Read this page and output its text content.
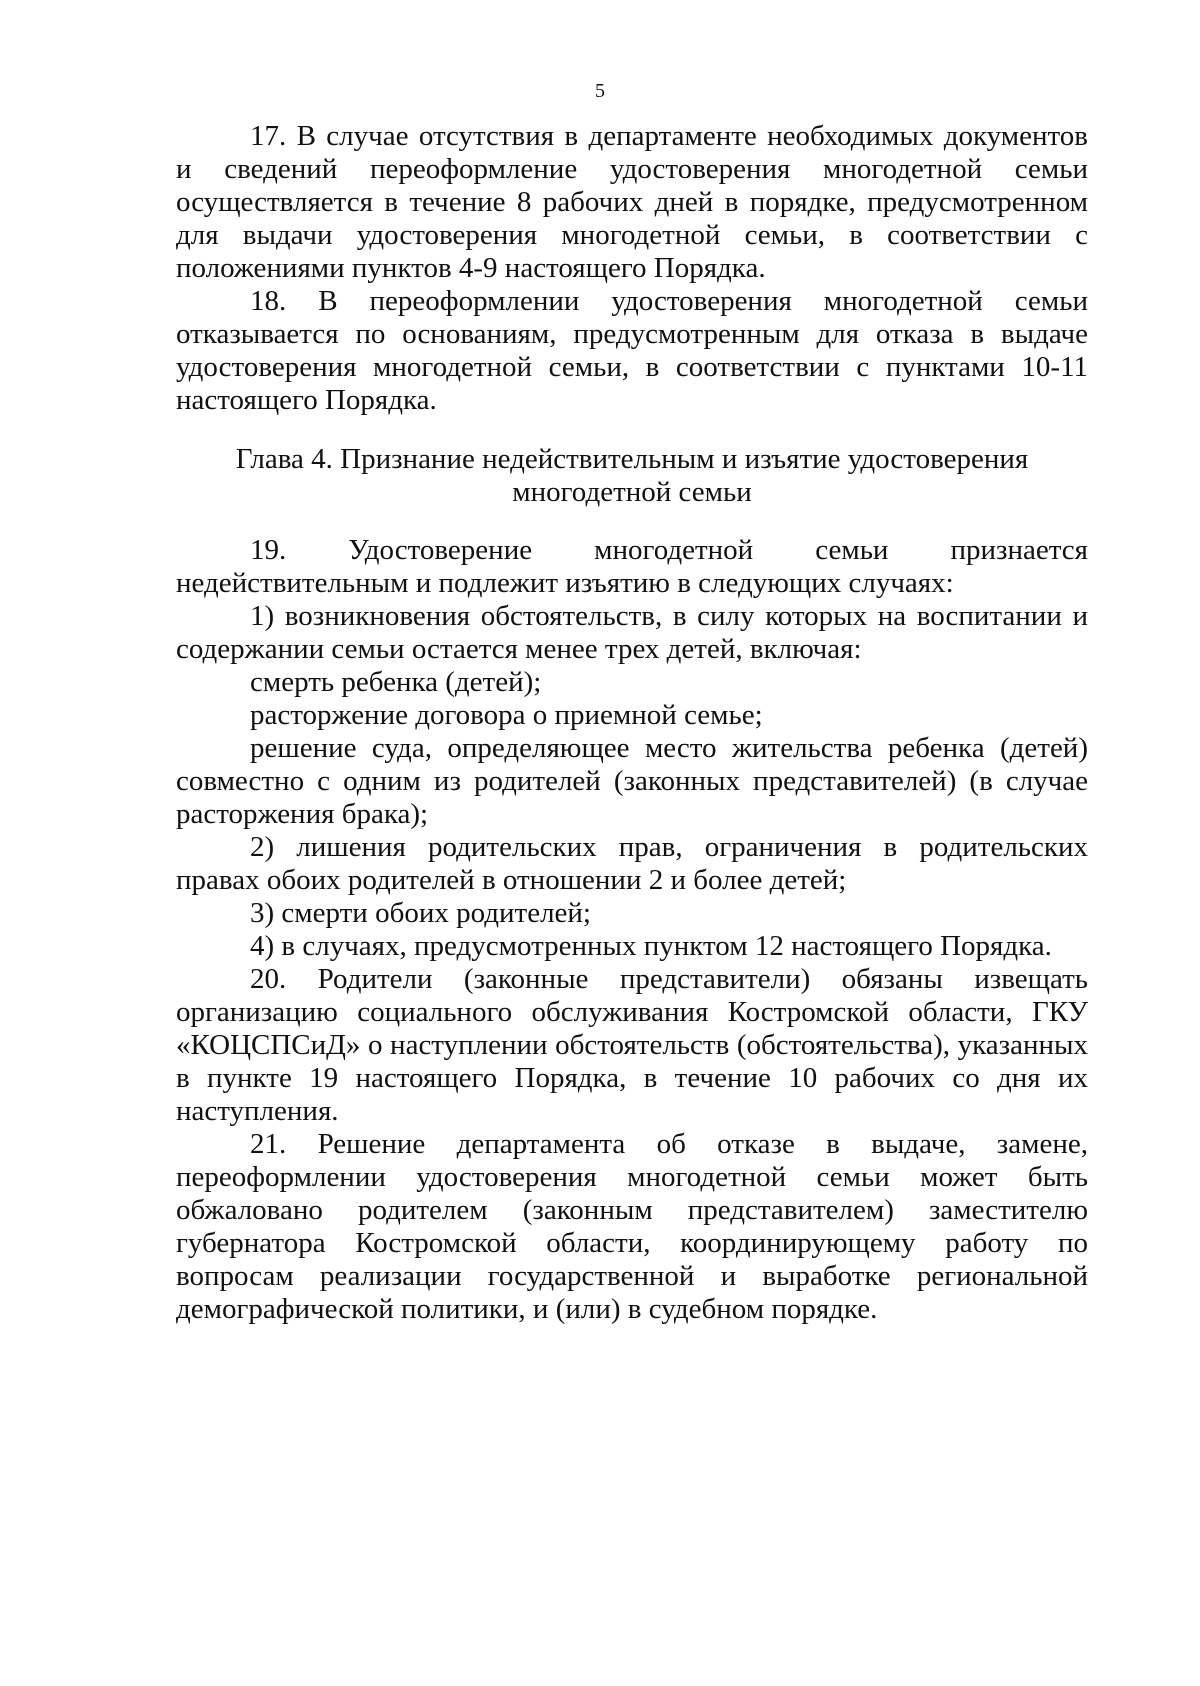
5

17. В случае отсутствия в департаменте необходимых документов и сведений переоформление удостоверения многодетной семьи осуществляется в течение 8 рабочих дней в порядке, предусмотренном для выдачи удостоверения многодетной семьи, в соответствии с положениями пунктов 4-9 настоящего Порядка.

18. В переоформлении удостоверения многодетной семьи отказывается по основаниям, предусмотренным для отказа в выдаче удостоверения многодетной семьи, в соответствии с пунктами 10-11 настоящего Порядка.

Глава 4. Признание недействительным и изъятие удостоверения
многодетной семьи

19. Удостоверение многодетной семьи признается недействительным и подлежит изъятию в следующих случаях:

1) возникновения обстоятельств, в силу которых на воспитании и содержании семьи остается менее трех детей, включая:

смерть ребенка (детей);

расторжение договора о приемной семье;

решение суда, определяющее место жительства ребенка (детей) совместно с одним из родителей (законных представителей) (в случае расторжения брака);

2) лишения родительских прав, ограничения в родительских правах обоих родителей в отношении 2 и более детей;

3) смерти обоих родителей;

4) в случаях, предусмотренных пунктом 12 настоящего Порядка.

20. Родители (законные представители) обязаны извещать организацию социального обслуживания Костромской области, ГКУ «КОЦСПСиД» о наступлении обстоятельств (обстоятельства), указанных в пункте 19 настоящего Порядка, в течение 10 рабочих со дня их наступления.

21. Решение департамента об отказе в выдаче, замене, переоформлении удостоверения многодетной семьи может быть обжаловано родителем (законным представителем) заместителю губернатора Костромской области, координирующему работу по вопросам реализации государственной и выработке региональной демографической политики, и (или) в судебном порядке.
